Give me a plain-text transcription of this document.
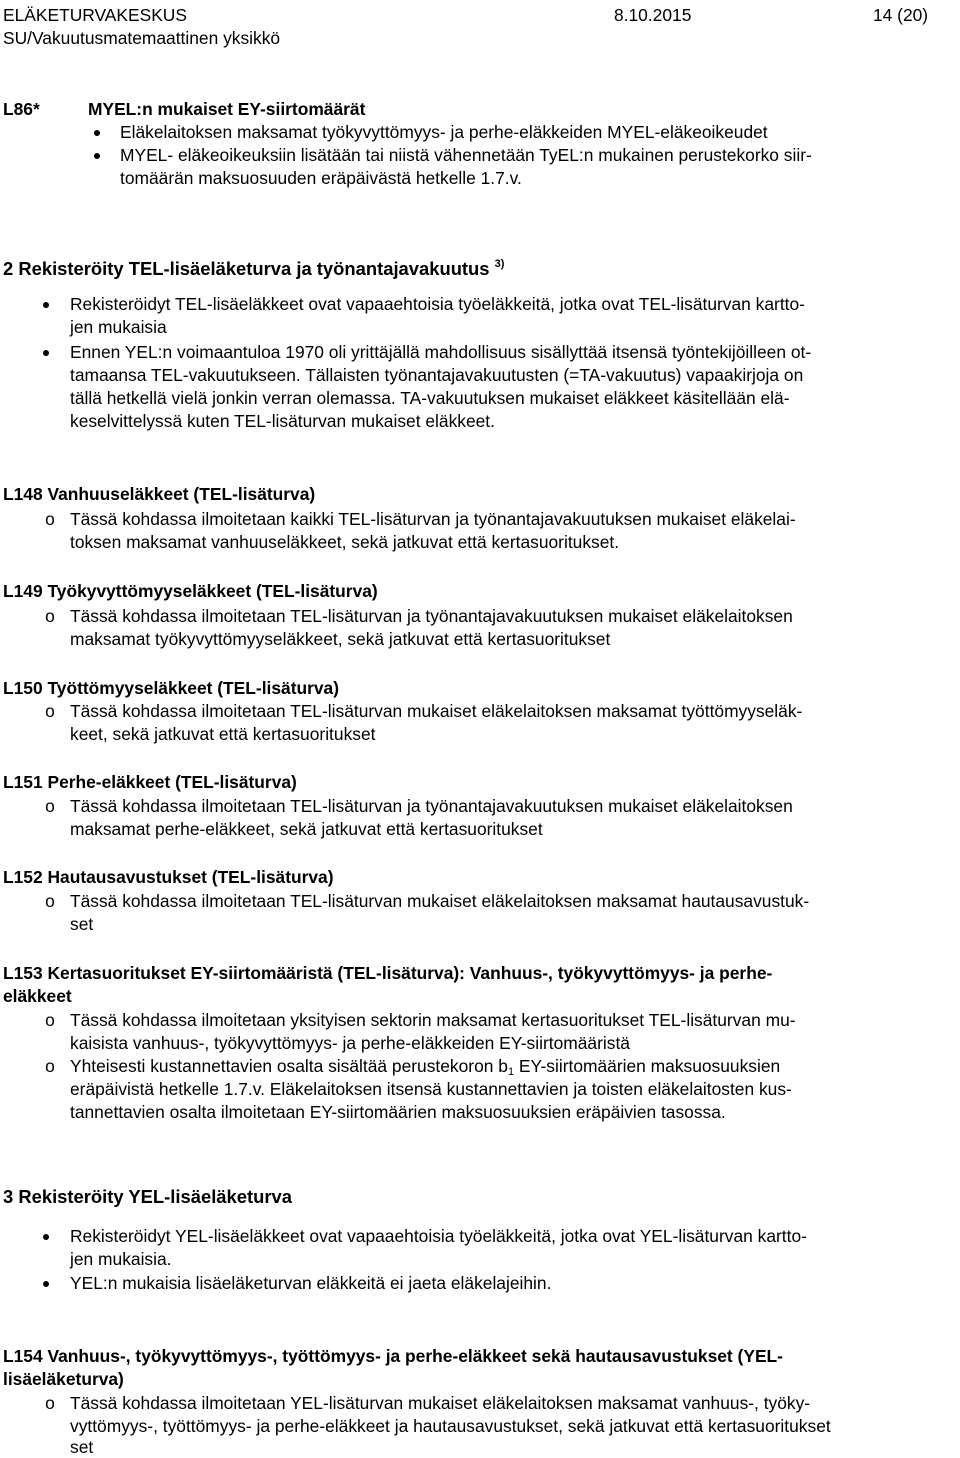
ELÄKETURVAKESKUS	8.10.2015	14 (20)
SU/Vakuutusmatemaattinen yksikkö
L86*	MYEL:n mukaiset EY-siirtomäärät
Eläkelaitoksen maksamat työkyvyttömyys- ja perhe-eläkkeiden MYEL-eläkeoikeudet
MYEL- eläkeoikeuksiin lisätään tai niistä vähennetään TyEL:n mukainen perustekorko siir-
tomäärän maksuosuuden eräpäivästä hetkelle 1.7.v.
2 Rekisteröity TEL-lisäeläketurva ja työnantajavakuutus $^{3)}$
Rekisteröidyt TEL-lisäeläkkeet ovat vapaaehtoisia työeläkkeitä, jotka ovat TEL-lisäturvan kartto-
jen mukaisia
Ennen YEL:n voimaantuloa 1970 oli yrittäjällä mahdollisuus sisällyttää itsensä työntekijöilleen ot-
tamaansa TEL-vakuutukseen. Tällaisten työnantajavakuutusten (=TA-vakuutus) vapaakirjoja on
tällä hetkellä vielä jonkin verran olemassa. TA-vakuutuksen mukaiset eläkkeet käsitellään elä-
keselvittelyssä kuten TEL-lisäturvan mukaiset eläkkeet.
L148 Vanhuuseläkkeet (TEL-lisäturva)
o Tässä kohdassa ilmoitetaan kaikki TEL-lisäturvan ja työnantajavakuutuksen mukaiset eläkelai-
toksen maksamat vanhuuseläkkeet, sekä jatkuvat että kertasuoritukset.
L149 Työkyvyttömyyseläkkeet (TEL-lisäturva)
o Tässä kohdassa ilmoitetaan TEL-lisäturvan ja työnantajavakuutuksen mukaiset eläkelaitoksen
maksamat työkyvyttömyyseläkkeet, sekä jatkuvat että kertasuoritukset
L150 Työttömyyseläkkeet (TEL-lisäturva)
o Tässä kohdassa ilmoitetaan TEL-lisäturvan mukaiset eläkelaitoksen maksamat työttömyyseläk-
keet, sekä jatkuvat että kertasuoritukset
L151 Perhe-eläkkeet (TEL-lisäturva)
o Tässä kohdassa ilmoitetaan TEL-lisäturvan ja työnantajavakuutuksen mukaiset eläkelaitoksen
maksamat perhe-eläkkeet, sekä jatkuvat että kertasuoritukset
L152 Hautausavustukset (TEL-lisäturva)
o Tässä kohdassa ilmoitetaan TEL-lisäturvan mukaiset eläkelaitoksen maksamat hautausavustuk-
set
L153 Kertasuoritukset EY-siirtomääristä (TEL-lisäturva): Vanhuus-, työkyvyttömyys- ja perhe-
eläkkeet
o Tässä kohdassa ilmoitetaan yksityisen sektorin maksamat kertasuoritukset TEL-lisäturvan mu-
kaisista vanhuus-, työkyvyttömyys- ja perhe-eläkkeiden EY-siirtomääristä
o Yhteisesti kustannettavien osalta sisältää perustekoron $b_1$ EY-siirtomäärien maksuosuuksien
eräpäivistä hetkelle 1.7.v. Eläkelaitoksen itsensä kustannettavien ja toisten eläkelaitosten kus-
tannettavien osalta ilmoitetaan EY-siirtomäärien maksuosuuksien eräpäivien tasossa.
3 Rekisteröity YEL-lisäeläketurva
Rekisteröidyt YEL-lisäeläkkeet ovat vapaaehtoisia työeläkkeitä, jotka ovat YEL-lisäturvan kartto-
jen mukaisia.
YEL:n mukaisia lisäeläketurvan eläkkeitä ei jaeta eläkelajeihin.
L154 Vanhuus-, työkyvyttömyys-, työttömyys- ja perhe-eläkkeet sekä hautausavustukset (YEL-
lisäeläketurva)
o Tässä kohdassa ilmoitetaan YEL-lisäturvan mukaiset eläkelaitoksen maksamat vanhuus-, työky-
vyttömyys-, työttömyys- ja perhe-eläkkeet ja hautausavustukset, sekä jatkuvat että kertasuoritukset
set
